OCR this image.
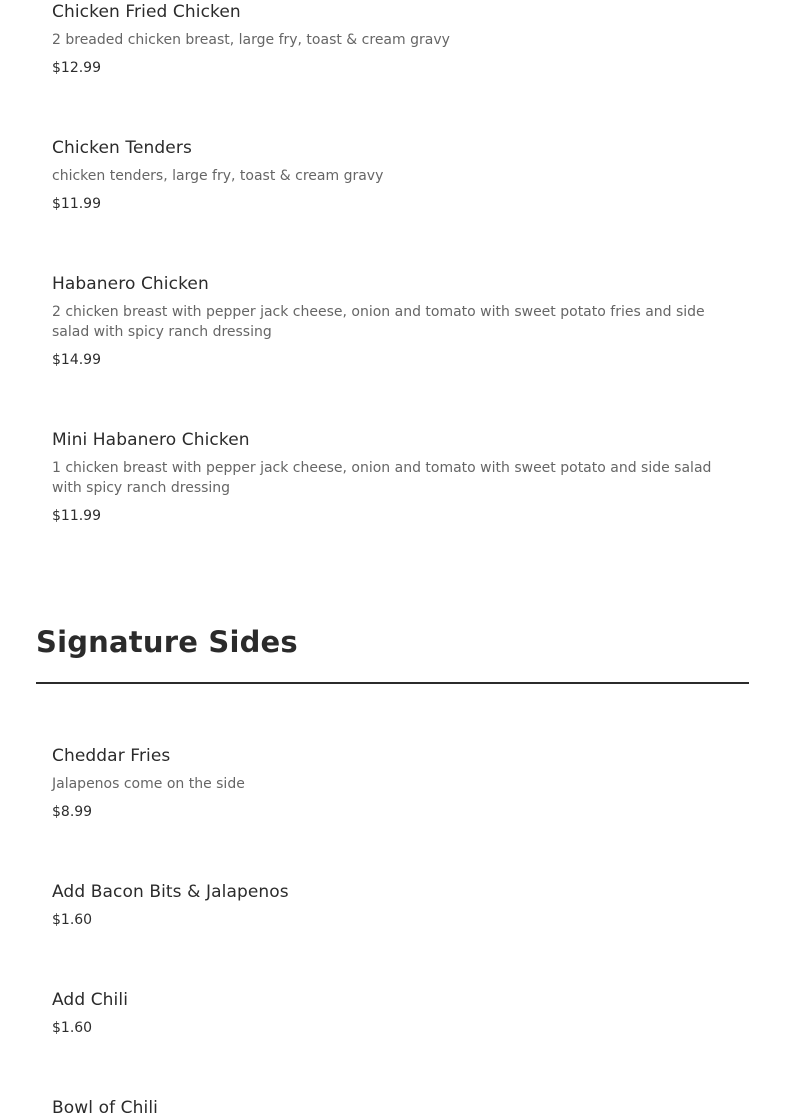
Chicken Fried Chicken

2 breaded chicken breast, large fry, toast & cream gravy

$12.99

Chicken Tenders

chicken tenders, large fry, toast & cream gravy

$11.99

Habanero Chicken

2 chicken breast with pepper jack cheese, onion and tomato with sweet potato fries and side salad with spicy ranch dressing

$14.99

Mini Habanero Chicken

1 chicken breast with pepper jack cheese, onion and tomato with sweet potato and side salad with spicy ranch dressing

$11.99

Signature Sides

Cheddar Fries

Jalapenos come on the side

$8.99

Add Bacon Bits & Jalapenos

$1.60

Add Chili

$1.60

Bowl of Chili
